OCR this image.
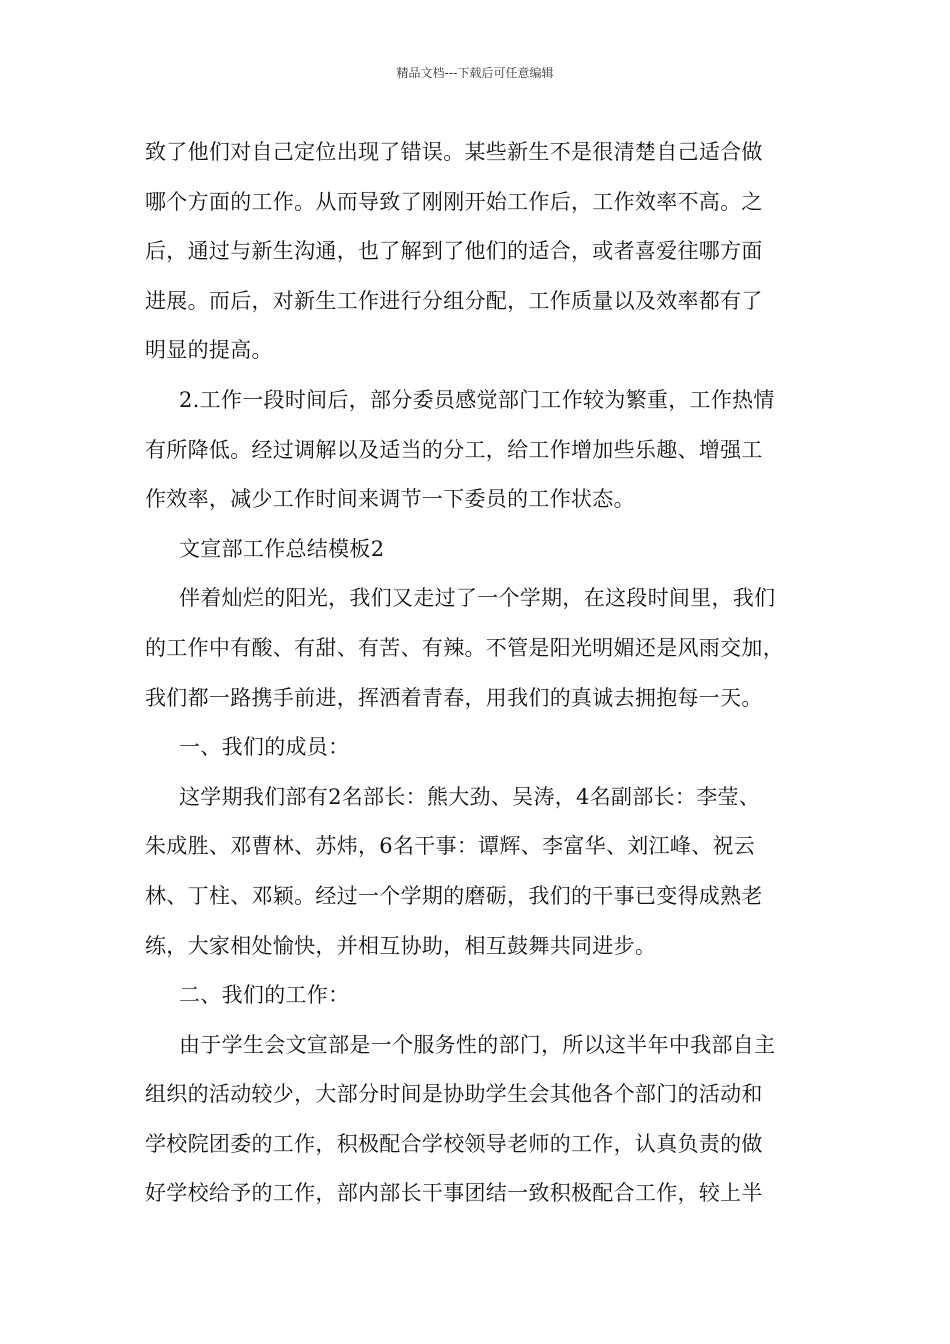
精品文档---下载后可任意编辑

致了他们对自己定位出现了错误。某些新生不是很清楚自己适合做

哪个方面的工作。从而导致了刚刚开始工作后，工作效率不高。之

后，通过与新生沟通，也了解到了他们的适合，或者喜爱往哪方面

进展。而后，对新生工作进行分组分配，工作质量以及效率都有了

明显的提高。

2.工作一段时间后，部分委员感觉部门工作较为繁重，工作热情

有所降低。经过调解以及适当的分工，给工作增加些乐趣、增强工

作效率，减少工作时间来调节一下委员的工作状态。

文宣部工作总结模板2

伴着灿烂的阳光，我们又走过了一个学期，在这段时间里，我们

的工作中有酸、有甜、有苦、有辣。不管是阳光明媚还是风雨交加，

我们都一路携手前进，挥洒着青春，用我们的真诚去拥抱每一天。

一、我们的成员：

这学期我们部有2名部长：熊大劲、吴涛，4名副部长：李莹、

朱成胜、邓曹林、苏炜，6名干事：谭辉、李富华、刘江峰、祝云

林、丁柱、邓颖。经过一个学期的磨砺，我们的干事已变得成熟老

练，大家相处愉快，并相互协助，相互鼓舞共同进步。

二、我们的工作：

由于学生会文宣部是一个服务性的部门，所以这半年中我部自主

组织的活动较少，大部分时间是协助学生会其他各个部门的活动和

学校院团委的工作，积极配合学校领导老师的工作，认真负责的做

好学校给予的工作，部内部长干事团结一致积极配合工作，较上半
